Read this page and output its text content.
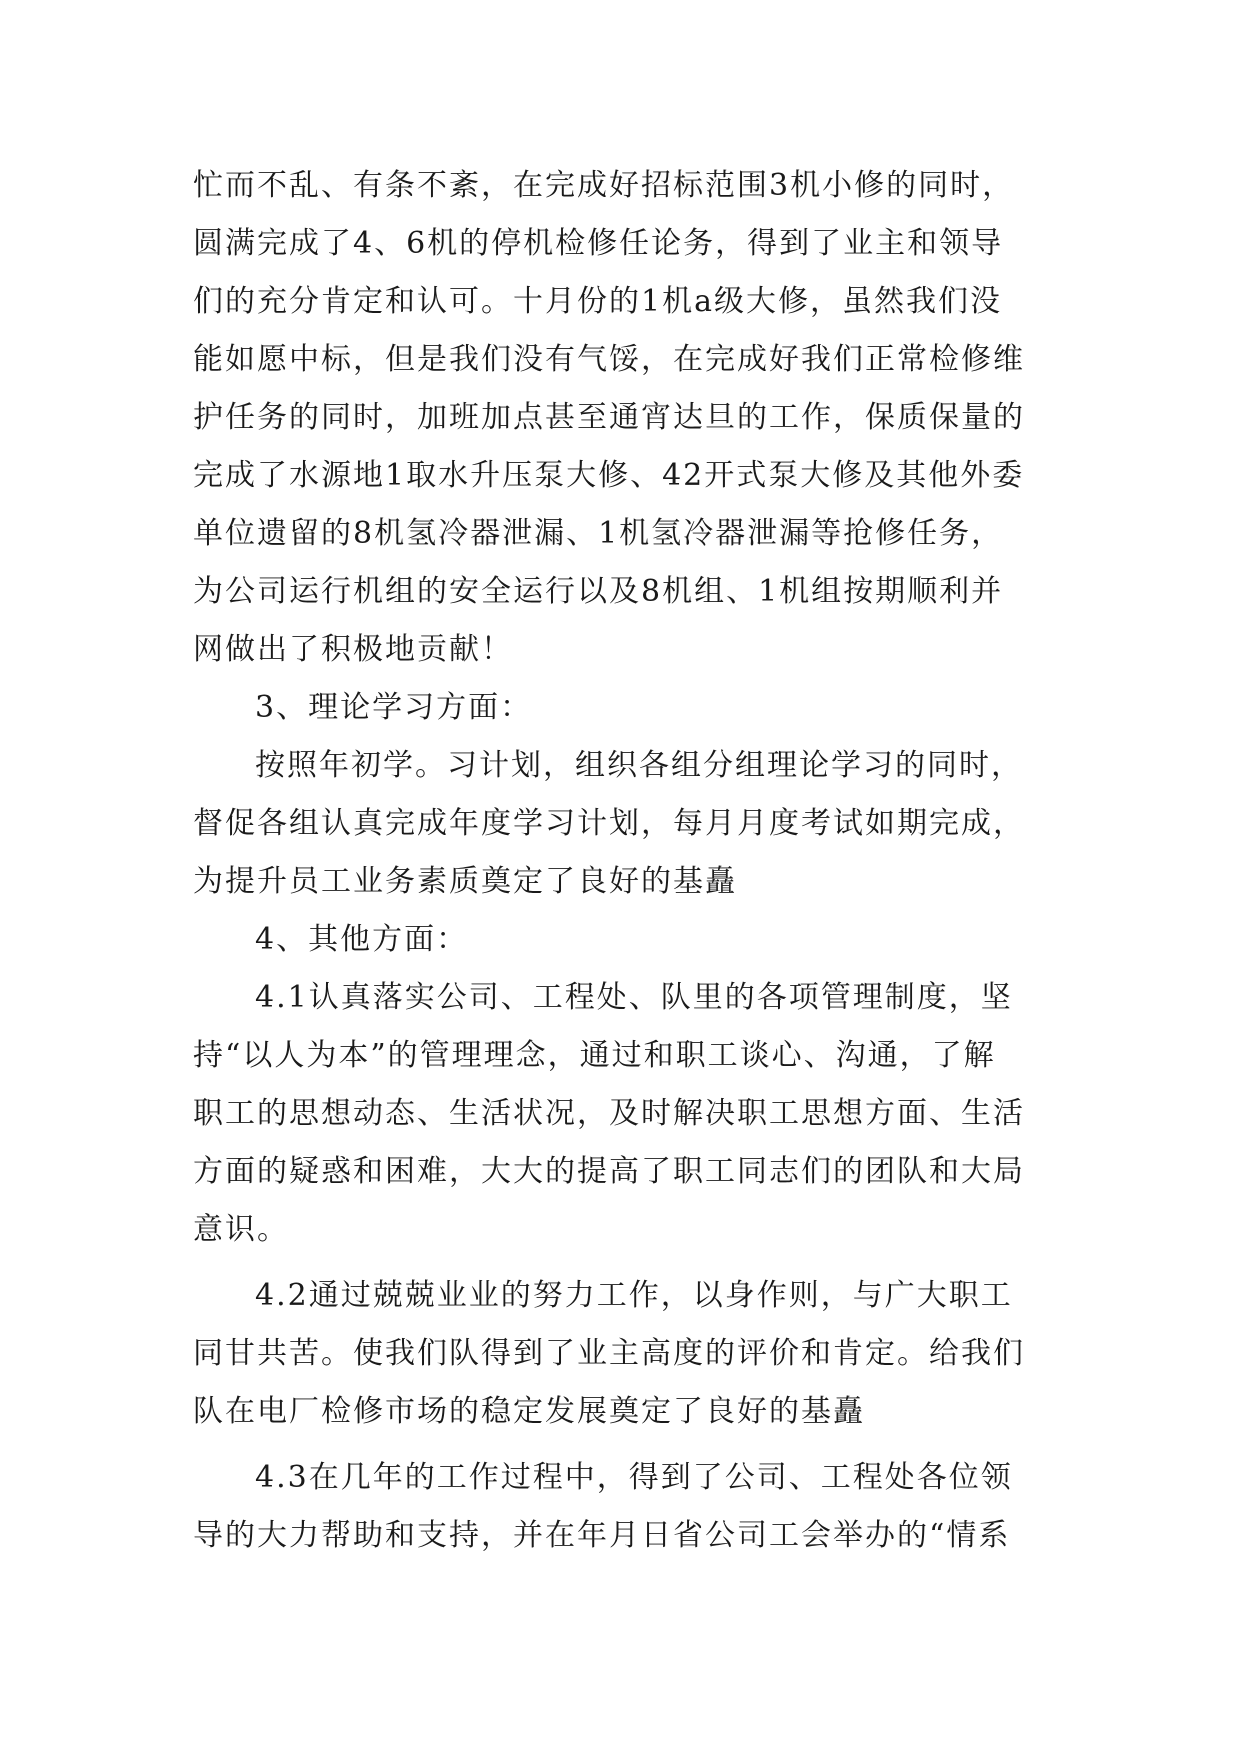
忙而不乱、有条不紊，在完成好招标范围3机小修的同时，
圆满完成了4、6机的停机检修任论务，得到了业主和领导
们的充分肯定和认可。十月份的1机a级大修，虽然我们没
能如愿中标，但是我们没有气馁，在完成好我们正常检修维
护任务的同时，加班加点甚至通宵达旦的工作，保质保量的
完成了水源地1取水升压泵大修、42开式泵大修及其他外委
单位遗留的8机氢冷器泄漏、1机氢冷器泄漏等抢修任务，
为公司运行机组的安全运行以及8机组、1机组按期顺利并
网做出了积极地贡献！
3、理论学习方面：
按照年初学。习计划，组织各组分组理论学习的同时，
督促各组认真完成年度学习计划，每月月度考试如期完成，
为提升员工业务素质奠定了良好的基矗
4、其他方面：
4.1认真落实公司、工程处、队里的各项管理制度，坚
持“以人为本”的管理理念，通过和职工谈心、沟通，了解
职工的思想动态、生活状况，及时解决职工思想方面、生活
方面的疑惑和困难，大大的提高了职工同志们的团队和大局
意识。
4.2通过兢兢业业的努力工作，以身作则，与广大职工
同甘共苦。使我们队得到了业主高度的评价和肯定。给我们
队在电厂检修市场的稳定发展奠定了良好的基矗
4.3在几年的工作过程中，得到了公司、工程处各位领
导的大力帮助和支持，并在年月日省公司工会举办的“情系
